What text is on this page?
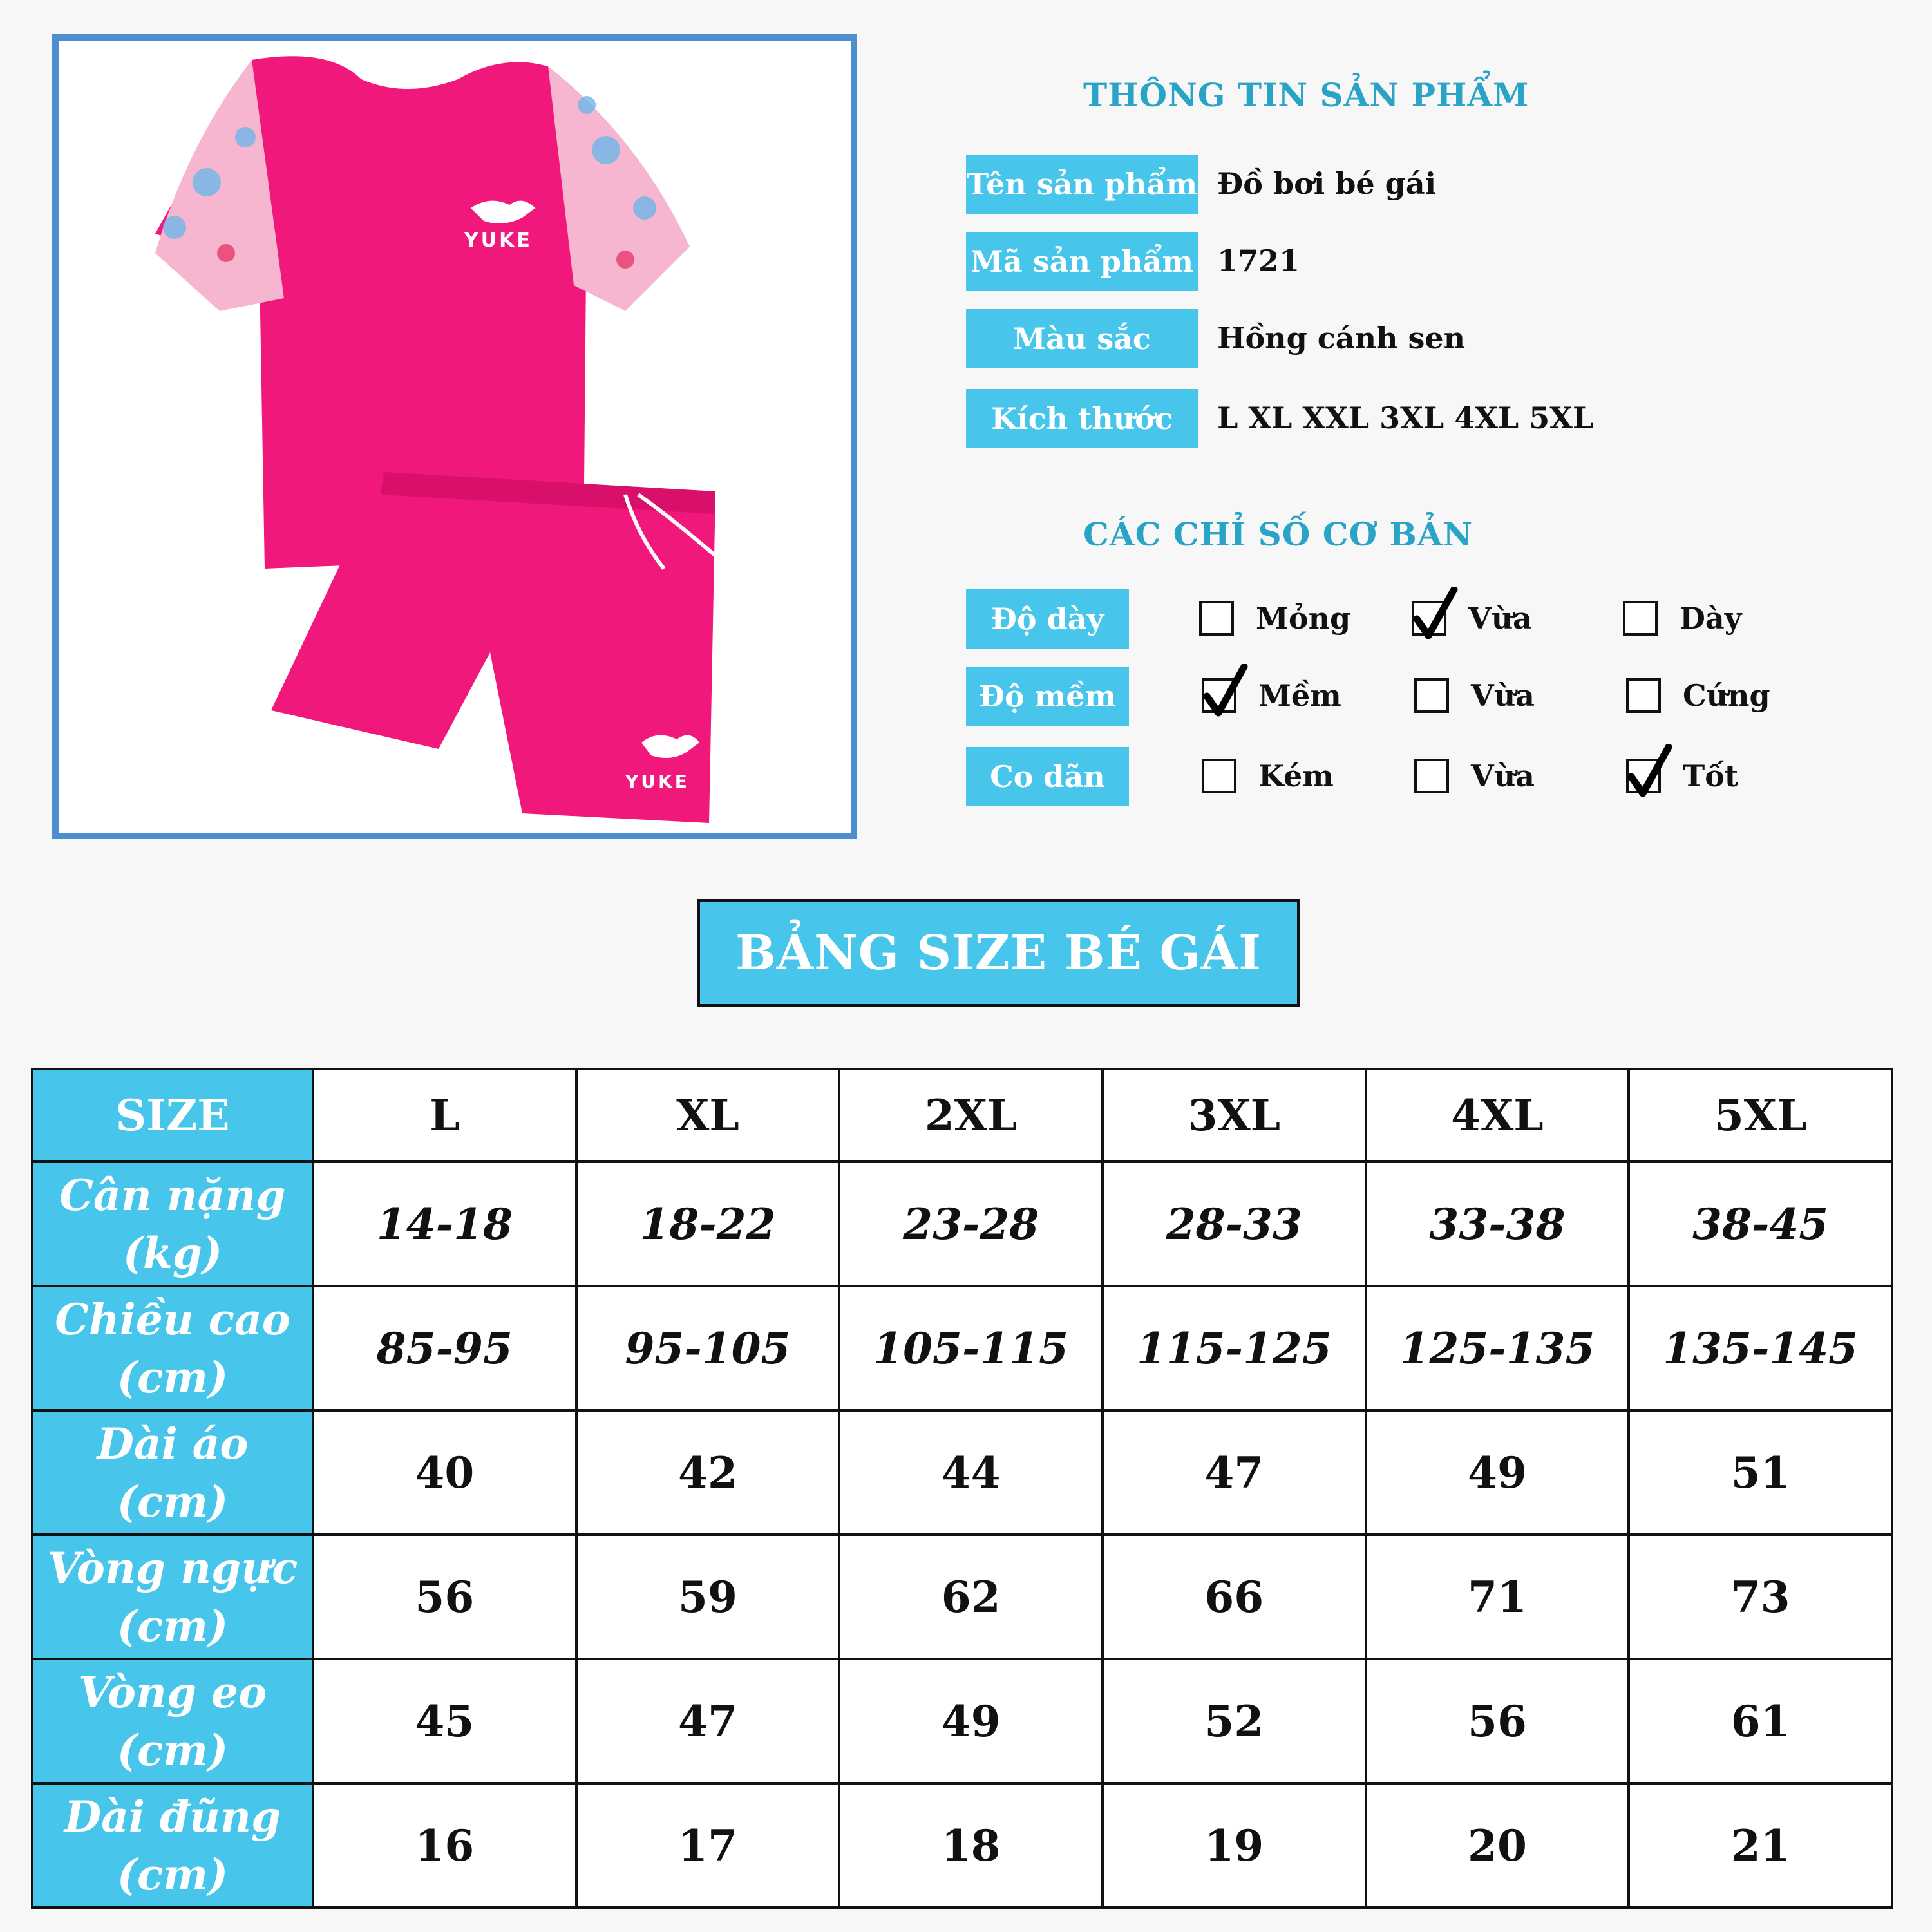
YUKE
YUKE
THÔNG TIN SẢN PHẨM
Tên sản phẩm Đồ bơi bé gái
Mã sản phẩm 1721
Màu sắc	Hồng cánh sen
Kích thước	L XL XXL 3XL 4XL 5XL
CÁC CHỈ SỐ CƠ BẢN
Độ dày	Mỏng	Vừa	Dày
Độ mềm	Mềm	Vừa	Cứng
Co dãn	Kém	Vừa	Tốt
BẢNG SIZE BÉ GÁI
SIZE	L	XL	2XL	3XL	4XL	5XL
Cân nặng
(kg)	14-18	18-22	23-28	28-33	33-38	38-45
Chiều cao
(cm)	85-95	95-105	105-115	115-125	125-135	135-145
Dài áo
(cm)	40	42	44	47	49	51
Vòng ngực
(cm)	56	59	62	66	71	73
Vòng eo
(cm)	45	47	49	52	56	61
Dài đũng
(cm)	16	17	18	19	20	21
